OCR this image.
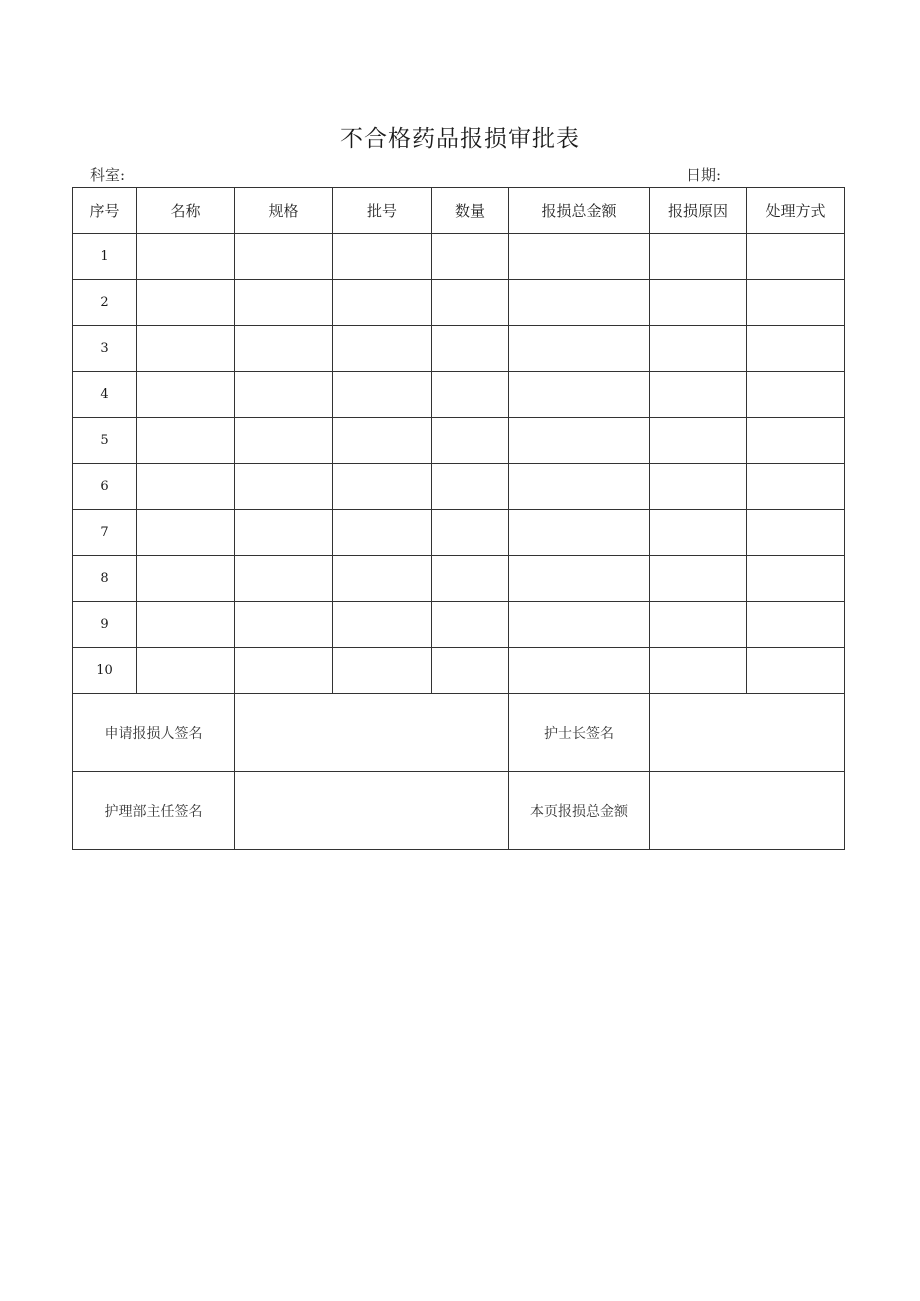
不合格药品报损审批表
科室:	日期:
序号	名称	规格	批号	数量	报损总金额	报损原因	处理方式
1							
2							
3							
4							
5							
6							
7							
8							
9							
10							
申请报损人签名					护士长签名		
护理部主任签名					本页报损总金额		
